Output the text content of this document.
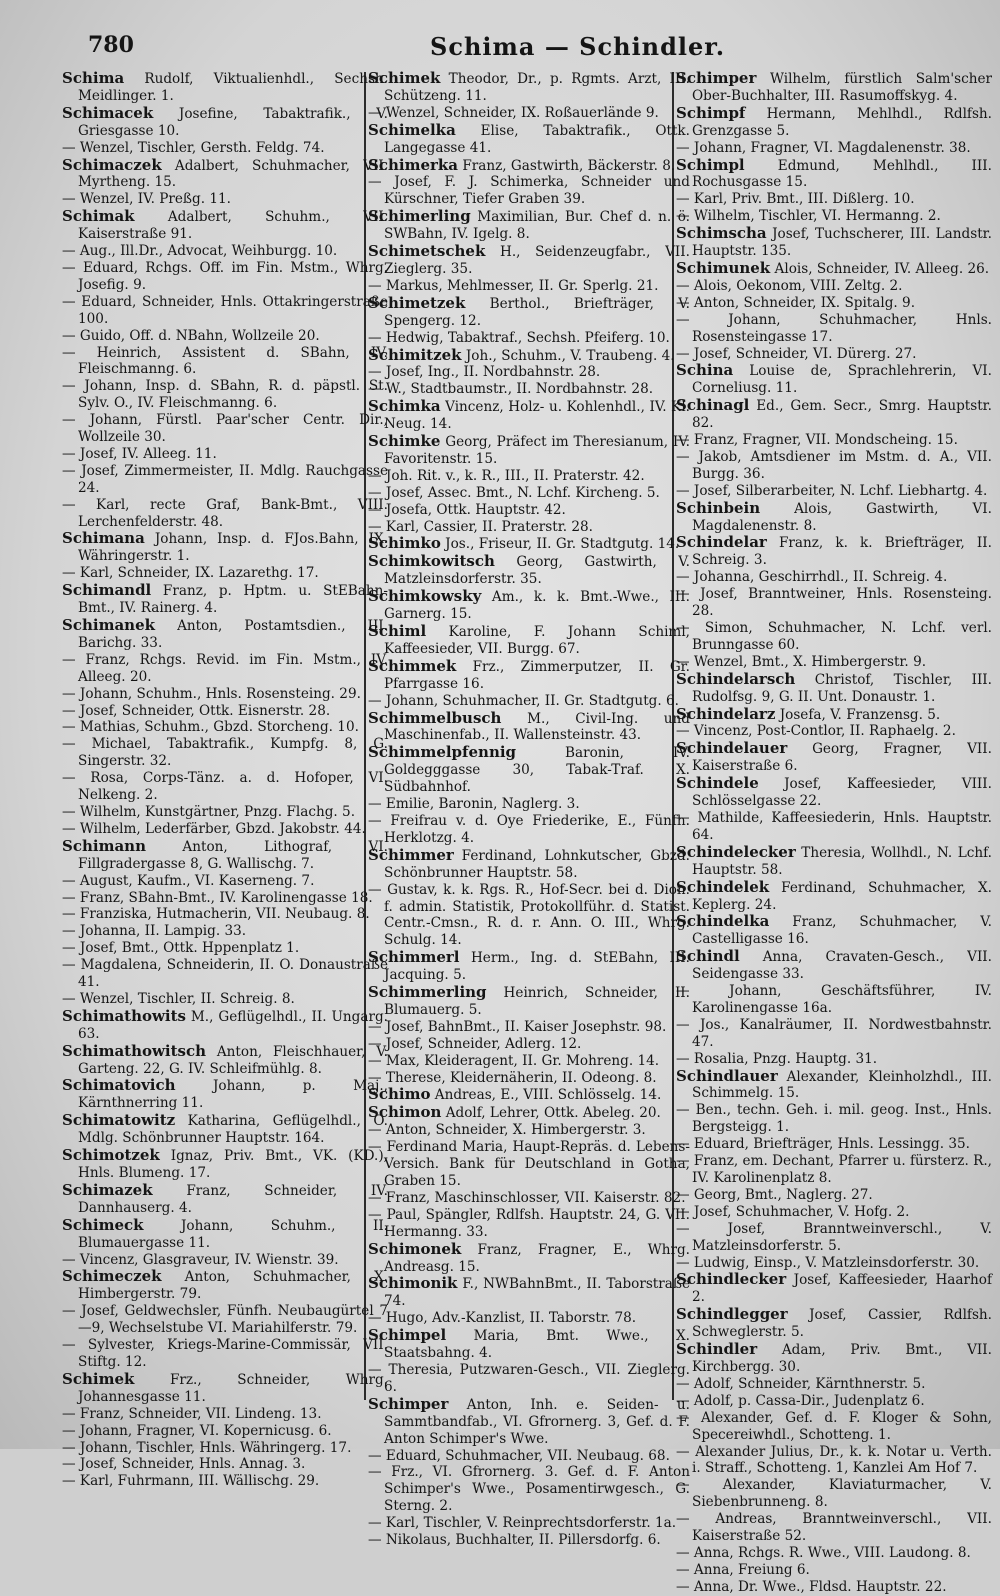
780	Schima — Schindler.

Schima Rudolf, Viktualienhdl., Sechsh. Meidlinger. 1.

Schimacek Josefine, Tabaktrafik., V. Griesgasse 10.

— Wenzel, Tischler, Gersth. Feldg. 74.

Schimaczek Adalbert, Schuhmacher, VII. Myrtheng. 15.

— Wenzel, IV. Preßg. 11.

Schimak Adalbert, Schuhm., VII. Kaiserstraße 91.

— Aug., Ill.Dr., Advocat, Weihburgg. 10.

— Eduard, Rchgs. Off. im Fin. Mstm., Whrg. Josefig. 9.

— Eduard, Schneider, Hnls. Ottakringerstraße 100.

— Guido, Off. d. NBahn, Wollzeile 20.

— Heinrich, Assistent d. SBahn, IV. Fleischmanng. 6.

— Johann, Insp. d. SBahn, R. d. päpstl. St. Sylv. O., IV. Fleischmanng. 6.

— Johann, Fürstl. Paar'scher Centr. Dir., Wollzeile 30.

— Josef, IV. Alleeg. 11.

— Josef, Zimmermeister, II. Mdlg. Rauchgasse 24.

— Karl, recte Graf, Bank-Bmt., VIII. Lerchenfelderstr. 48.

Schimana Johann, Insp. d. FJos.Bahn, IX. Währingerstr. 1.

— Karl, Schneider, IX. Lazarethg. 17.

Schimandl Franz, p. Hptm. u. StEBahn-Bmt., IV. Rainerg. 4.

Schimanek Anton, Postamtsdien., III. Barichg. 33.

— Franz, Rchgs. Revid. im Fin. Mstm., IV. Alleeg. 20.

— Johann, Schuhm., Hnls. Rosensteing. 29.

— Josef, Schneider, Ottk. Eisnerstr. 28.

— Mathias, Schuhm., Gbzd. Storcheng. 10.

— Michael, Tabaktrafik., Kumpfg. 8, G. Singerstr. 32.

— Rosa, Corps-Tänz. a. d. Hofoper, VI. Nelkeng. 2.

— Wilhelm, Kunstgärtner, Pnzg. Flachg. 5.

— Wilhelm, Lederfärber, Gbzd. Jakobstr. 44.

Schimann	Anton, Lithograf, VI. Fillgradergasse 8, G. Wallischg. 7.

— August, Kaufm., VI. Kaserneng. 7.

— Franz, SBahn-Bmt., IV. Karolinengasse 18.

— Franziska, Hutmacherin, VII. Neubaug. 8.

— Johanna, II. Lampig. 33.

— Josef, Bmt., Ottk. Hppenplatz 1.

— Magdalena, Schneiderin, II. O. Donaustraße 41.

— Wenzel, Tischler, II. Schreig. 8.

Schimathowits M., Geflügelhdl., II. Ungarg. 63.

Schimathowitsch Anton, Fleischhauer, V. Garteng. 22, G. IV. Schleifmühlg. 8.

Schimatovich	Johann, p. Maj., Kärnthnerring 11.

Schimatowitz Katharina, Geflügelhdl., O. Mdlg. Schönbrunner Hauptstr. 164.

Schimotzek Ignaz, Priv. Bmt., VK. (KD.), Hnls. Blumeng. 17.

Schimazek Franz, Schneider, IV. Dannhauserg. 4.

Schimeck	Johann, Schuhm., II. Blumauergasse 11.

— Vincenz, Glasgraveur, IV. Wienstr. 39.

Schimeczek Anton, Schuhmacher, X. Himbergerstr. 79.

— Josef, Geldwechsler, Fünfh. Neubaugürtel 7—9, Wechselstube VI. Mariahilferstr. 79.

— Sylvester, Kriegs-Marine-Commissär, VII. Stiftg. 12.

Schimek	Frz., Schneider, Whrg. Johannesgasse 11.

— Franz, Schneider, VII. Lindeng. 13.

— Johann, Fragner, VI. Kopernicusg. 6.

— Johann, Tischler, Hnls. Währingerg. 17.

— Josef, Schneider, Hnls. Annag. 3.

— Karl, Fuhrmann, III. Wällischg. 29.

Schimek Theodor, Dr., p. Rgmts. Arzt, III. Schützeng. 11.

— Wenzel, Schneider, IX. Roßauerlände 9.

Schimelka Elise, Tabaktrafik., Ottk. Langegasse 41.

Schimerka Franz, Gastwirth, Bäckerstr. 8.

— Josef, F. J. Schimerka, Schneider und Kürschner, Tiefer Graben 39.

Schimerling Maximilian, Bur. Chef d. n. ö. SWBahn, IV. Igelg. 8.

Schimetschek H., Seidenzeugfabr., VII. Zieglerg. 35.

— Markus, Mehlmesser, II. Gr. Sperlg. 21.

Schimetzek Berthol., Briefträger, V. Spengerg. 12.

— Hedwig, Tabaktraf., Sechsh. Pfeiferg. 10.

Schimitzek Joh., Schuhm., V. Traubeng. 4.

— Josef, Ing., II. Nordbahnstr. 28.

— W., Stadtbaumstr., II. Nordbahnstr. 28.

Schimka Vincenz, Holz- u. Kohlenhdl., IV. Kl. Neug. 14.

Schimke Georg, Präfect im Theresianum, IV. Favoritenstr. 15.

— Joh. Rit. v., k. R., III., II. Praterstr. 42.

— Josef, Assec. Bmt., N. Lchf. Kircheng. 5.

— Josefa, Ottk. Hauptstr. 42.

— Karl, Cassier, II. Praterstr. 28.

Schimko Jos., Friseur, II. Gr. Stadtgutg. 14.

Schimkowitsch Georg, Gastwirth, V. Matzleinsdorferstr. 35.

Schimkowsky Am., k. k. Bmt.-Wwe., III. Garnerg. 15.

Schiml Karoline, F. Johann Schiml, Kaffeesieder, VII. Burgg. 67.

Schimmek Frz., Zimmerputzer, II. Gr. Pfarrgasse 16.

— Johann, Schuhmacher, II. Gr. Stadtgutg. 6.

Schimmelbusch M., Civil-Ing. und Maschinenfab., II. Wallensteinstr. 43.

Schimmelpfennig	Baronin, IV. Goldegggasse 30, Tabak-Traf. X. Südbahnhof.

— Emilie, Baronin, Naglerg. 3.

— Freifrau v. d. Oye Friederike, E., Fünfh. Herklotzg. 4.

Schimmer Ferdinand, Lohnkutscher, Gbzd. Schönbrunner Hauptstr. 58.

— Gustav, k. k. Rgs. R., Hof-Secr. bei d. Dion. f. admin. Statistik, Protokollführ. d. Statist. Centr.-Cmsn., R. d. r. Ann. O. III., Whrg. Schulg. 14.

Schimmerl Herm., Ing. d. StEBahn, III. Jacquing. 5.

Schimmerling Heinrich, Schneider, II. Blumauerg. 5.

— Josef, BahnBmt., II. Kaiser Josephstr. 98.

— Josef, Schneider, Adlerg. 12.

— Max, Kleideragent, II. Gr. Mohreng. 14.

— Therese, Kleidernäherin, II. Odeong. 8.

Schimo Andreas, E., VIII. Schlösselg. 14.

Schimon Adolf, Lehrer, Ottk. Abeleg. 20.

— Anton, Schneider, X. Himbergerstr. 3.

— Ferdinand Maria, Haupt-Repräs. d. Lebens-Versich. Bank für Deutschland in Gotha, Graben 15.

— Franz, Maschinschlosser, VII. Kaiserstr. 82.

— Paul, Spängler, Rdlfsh. Hauptstr. 24, G. VII. Hermanng. 33.

Schimonek Franz, Fragner, E., Whrg. Andreasg. 15.

Schimonik F., NWBahnBmt., II. Taborstraße 74.

— Hugo, Adv.-Kanzlist, II. Taborstr. 78.

Schimpel Maria, Bmt. Wwe., X. Staatsbahng. 4.

— Theresia, Putzwaren-Gesch., VII. Zieglerg. 6.

Schimper Anton, Inh. e. Seiden- u. Sammtbandfab., VI. Gfrornerg. 3, Gef. d. F. Anton Schimper's Wwe.

— Eduard, Schuhmacher, VII. Neubaug. 68.

— Frz., VI. Gfrornerg. 3. Gef. d. F. Anton Schimper's Wwe., Posamentirwgesch., G. Sterng. 2.

— Karl, Tischler, V. Reinprechtsdorferstr. 1a.

— Nikolaus, Buchhalter, II. Pillersdorfg. 6.

Schimper Wilhelm, fürstlich Salm'scher Ober-Buchhalter, III. Rasumoffskyg. 4.

Schimpf Hermann, Mehlhdl., Rdlfsh. Grenzgasse 5.

— Johann, Fragner, VI. Magdalenenstr. 38.

Schimpl Edmund, Mehlhdl., III. Rochusgasse 15.

— Karl, Priv. Bmt., III. Dißlerg. 10.

— Wilhelm, Tischler, VI. Hermanng. 2.

Schimscha Josef, Tuchscherer, III. Landstr. Hauptstr. 135.

Schimunek Alois, Schneider, IV. Alleeg. 26.

— Alois, Oekonom, VIII. Zeltg. 2.

— Anton, Schneider, IX. Spitalg. 9.

— Johann, Schuhmacher, Hnls. Rosensteingasse 17.

— Josef, Schneider, VI. Dürerg. 27.

Schina Louise de, Sprachlehrerin, VI. Corneliusg. 11.

Schinagl Ed., Gem. Secr., Smrg. Hauptstr. 82.

— Franz, Fragner, VII. Mondscheing. 15.

— Jakob, Amtsdiener im Mstm. d. A., VII. Burgg. 36.

— Josef, Silberarbeiter, N. Lchf. Liebhartg. 4.

Schinbein Alois, Gastwirth, VI. Magdalenenstr. 8.

Schindelar Franz, k. k. Briefträger, II. Schreig. 3.

— Johanna, Geschirrhdl., II. Schreig. 4.

— Josef, Branntweiner, Hnls. Rosensteing. 28.

— Simon, Schuhmacher, N. Lchf. verl. Brunngasse 60.

— Wenzel, Bmt., X. Himbergerstr. 9.

Schindelarsch Christof, Tischler, III. Rudolfsg. 9, G. II. Unt. Donaustr. 1.

Schindelarz Josefa, V. Franzensg. 5.

— Vincenz, Post-Contlor, II. Raphaelg. 2.

Schindelauer Georg, Fragner, VII. Kaiserstraße 6.

Schindele Josef, Kaffeesieder, VIII. Schlösselgasse 22.

— Mathilde, Kaffeesiederin, Hnls. Hauptstr. 64.

Schindelecker Theresia, Wollhdl., N. Lchf. Hauptstr. 58.

Schindelek Ferdinand, Schuhmacher, X. Keplerg. 24.

Schindelka Franz, Schuhmacher, V. Castelligasse 16.

Schindl Anna, Cravaten-Gesch., VII. Seidengasse 33.

— Johann, Geschäftsführer, IV. Karolinengasse 16a.

— Jos., Kanalräumer, II. Nordwestbahnstr. 47.

— Rosalia, Pnzg. Hauptg. 31.

Schindlauer Alexander, Kleinholzhdl., III. Schimmelg. 15.

— Ben., techn. Geh. i. mil. geog. Inst., Hnls. Bergsteigg. 1.

— Eduard, Briefträger, Hnls. Lessingg. 35.

— Franz, em. Dechant, Pfarrer u. fürsterz. R., IV. Karolinenplatz 8.

— Georg, Bmt., Naglerg. 27.

— Josef, Schuhmacher, V. Hofg. 2.

— Josef, Branntweinverschl., V. Matzleinsdorferstr. 5.

— Ludwig, Einsp., V. Matzleinsdorferstr. 30.

Schindlecker Josef, Kaffeesieder, Haarhof 2.

Schindlegger Josef, Cassier, Rdlfsh. Schweglerstr. 5.

Schindler Adam, Priv. Bmt., VII. Kirchbergg. 30.

— Adolf, Schneider, Kärnthnerstr. 5.

— Adolf, p. Cassa-Dir., Judenplatz 6.

— Alexander, Gef. d. F. Kloger & Sohn, Specereiwhdl., Schotteng. 1.

— Alexander Julius, Dr., k. k. Notar u. Verth. i. Straff., Schotteng. 1, Kanzlei Am Hof 7.

— Alexander, Klaviaturmacher, V. Siebenbrunneng. 8.

— Andreas, Branntweinverschl., VII. Kaiserstraße 52.

— Anna, Rchgs. R. Wwe., VIII. Laudong. 8.

— Anna, Freiung 6.

— Anna, Dr. Wwe., Fldsd. Hauptstr. 22.
